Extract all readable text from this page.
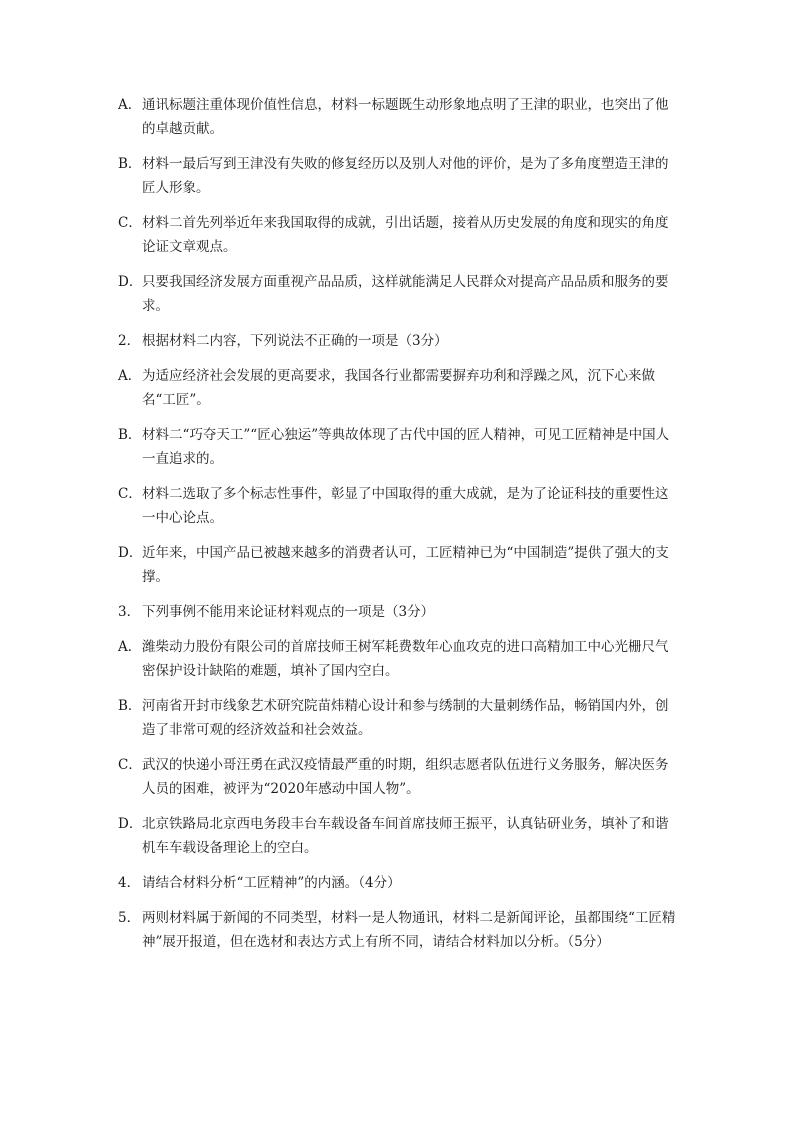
A． 通讯标题注重体现价值性信息，材料一标题既生动形象地点明了王津的职业，也突出了他的卓越贡献。
B． 材料一最后写到王津没有失败的修复经历以及别人对他的评价，是为了多角度塑造王津的匠人形象。
C． 材料二首先列举近年来我国取得的成就，引出话题，接着从历史发展的角度和现实的角度论证文章观点。
D． 只要我国经济发展方面重视产品品质，这样就能满足人民群众对提高产品品质和服务的要求。
2． 根据材料二内容，下列说法不正确的一项是（3分）
A． 为适应经济社会发展的更高要求，我国各行业都需要摒弃功利和浮躁之风，沉下心来做名“工匠”。
B． 材料二“巧夺天工”“匠心独运”等典故体现了古代中国的匠人精神，可见工匠精神是中国人一直追求的。
C． 材料二选取了多个标志性事件，彰显了中国取得的重大成就，是为了论证科技的重要性这一中心论点。
D． 近年来，中国产品已被越来越多的消费者认可，工匠精神已为“中国制造”提供了强大的支撑。
3． 下列事例不能用来论证材料观点的一项是（3分）
A． 潍柴动力股份有限公司的首席技师王树军耗费数年心血攻克的进口高精加工中心光栅尺气密保护设计缺陷的难题，填补了国内空白。
B． 河南省开封市线象艺术研究院苗炜精心设计和参与绣制的大量刺绣作品，畅销国内外，创造了非常可观的经济效益和社会效益。
C． 武汉的快递小哥汪勇在武汉疫情最严重的时期，组织志愿者队伍进行义务服务，解决医务人员的困难，被评为“2020年感动中国人物”。
D． 北京铁路局北京西电务段丰台车载设备车间首席技师王振平，认真钻研业务，填补了和谐机车车载设备理论上的空白。
4． 请结合材料分析“工匠精神”的内涵。（4分）
5． 两则材料属于新闻的不同类型，材料一是人物通讯，材料二是新闻评论，虽都围绕“工匠精神”展开报道，但在选材和表达方式上有所不同，请结合材料加以分析。（5分）
